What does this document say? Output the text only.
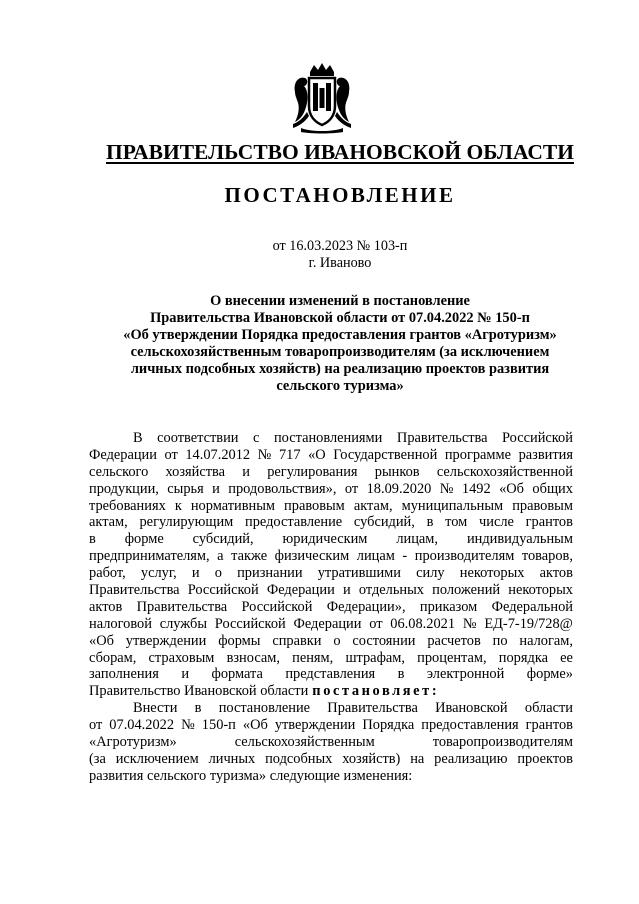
ПРАВИТЕЛЬСТВО ИВАНОВСКОЙ ОБЛАСТИ
ПОСТАНОВЛЕНИЕ
от 16.03.2023 № 103-п
г. Иваново
О внесении изменений в постановление
Правительства Ивановской области от 07.04.2022 № 150-п
«Об утверждении Порядка предоставления грантов «Агротуризм»
сельскохозяйственным товаропроизводителям (за исключением
личных подсобных хозяйств) на реализацию проектов развития
сельского туризма»
В соответствии с постановлениями Правительства Российской
Федерации от 14.07.2012 № 717 «О Государственной программе развития
сельского хозяйства и регулирования рынков сельскохозяйственной
продукции, сырья и продовольствия», от 18.09.2020 № 1492 «Об общих
требованиях к нормативным правовым актам, муниципальным правовым
актам, регулирующим предоставление субсидий, в том числе грантов
в форме субсидий, юридическим лицам, индивидуальным
предпринимателям, а также физическим лицам - производителям товаров,
работ, услуг, и о признании утратившими силу некоторых актов
Правительства Российской Федерации и отдельных положений некоторых
актов Правительства Российской Федерации», приказом Федеральной
налоговой службы Российской Федерации от 06.08.2021 № ЕД-7-19/728@
«Об утверждении формы справки о состоянии расчетов по налогам,
сборам, страховым взносам, пеням, штрафам, процентам, порядка ее
заполнения и формата представления в электронной форме»
Правительство Ивановской области постановляет:
Внести в постановление Правительства Ивановской области
от 07.04.2022 № 150-п «Об утверждении Порядка предоставления грантов
«Агротуризм»	сельскохозяйственным	товаропроизводителям
(за исключением личных подсобных хозяйств) на реализацию проектов
развития сельского туризма» следующие изменения:
